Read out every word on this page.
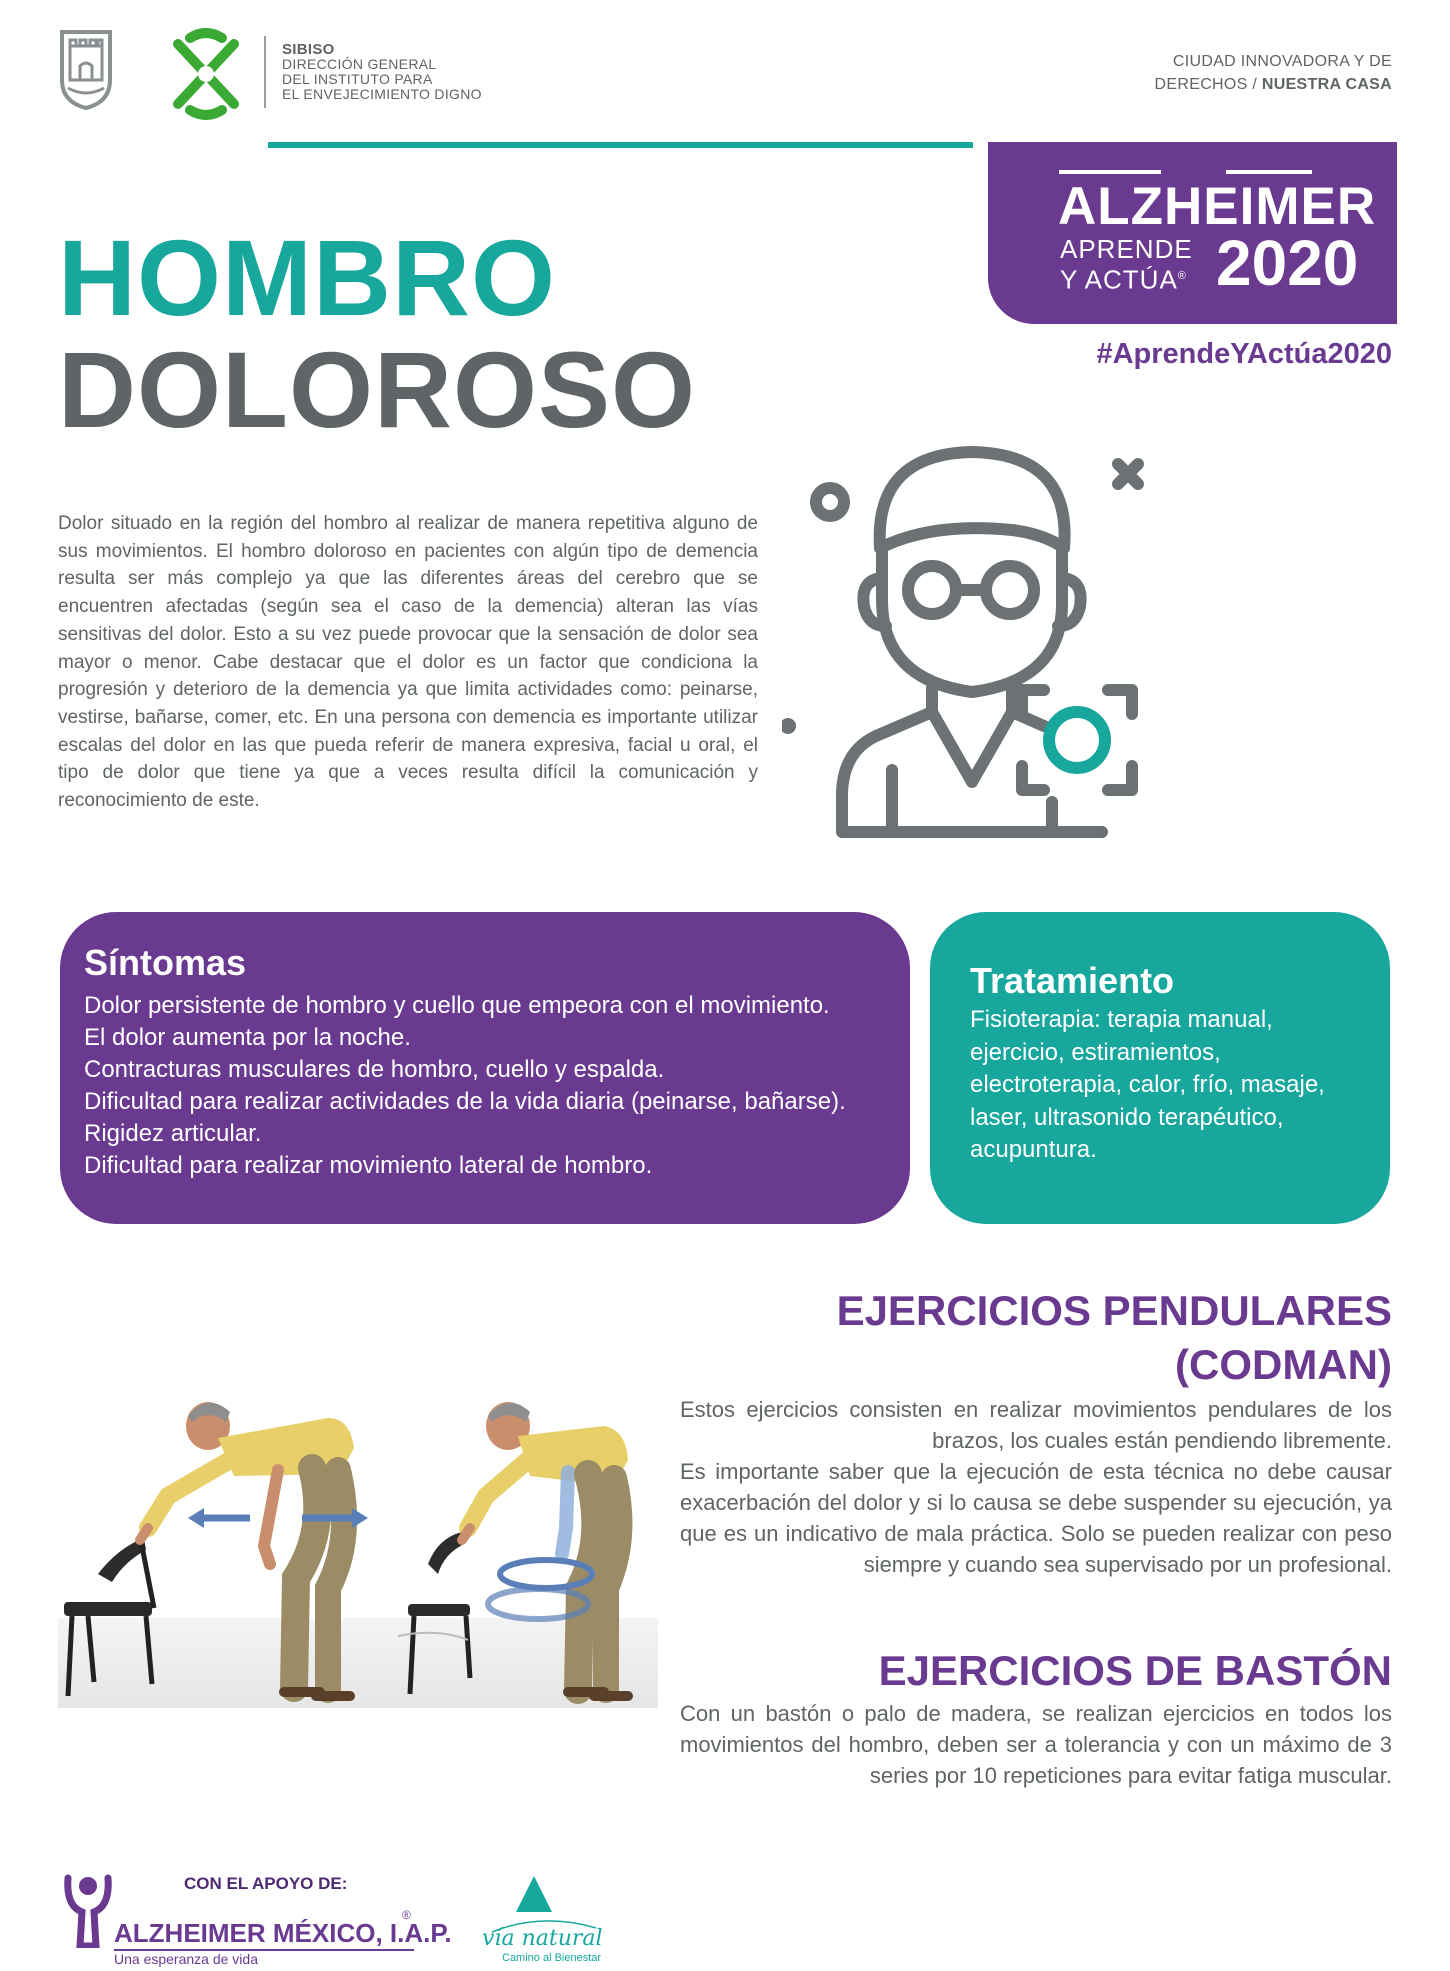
SIBISO
DIRECCIÓN GENERAL
DEL INSTITUTO PARA
EL ENVEJECIMIENTO DIGNO
CIUDAD INNOVADORA Y DE
DERECHOS / NUESTRA CASA
ALZHEIMER
APRENDE
Y ACTÚA® 2020
#AprendeYActúa2020
HOMBRO
DOLOROSO
Dolor situado en la región del hombro al realizar de manera repetitiva alguno de sus movimientos. El hombro doloroso en pacientes con algún tipo de demencia resulta ser más complejo ya que las diferentes áreas del cerebro que se encuentren afectadas (según sea el caso de la demencia) alteran las vías sensitivas del dolor. Esto a su vez puede provocar que la sensación de dolor sea mayor o menor. Cabe destacar que el dolor es un factor que condiciona la progresión y deterioro de la demencia ya que limita actividades como: peinarse, vestirse, bañarse, comer, etc. En una persona con demencia es importante utilizar escalas del dolor en las que pueda referir de manera expresiva, facial u oral, el tipo de dolor que tiene ya que a veces resulta difícil la comunicación y reconocimiento de este.
Síntomas
Dolor persistente de hombro y cuello que empeora con el movimiento.
El dolor aumenta por la noche.
Contracturas musculares de hombro, cuello y espalda.
Dificultad para realizar actividades de la vida diaria (peinarse, bañarse).
Rigidez articular.
Dificultad para realizar movimiento lateral de hombro.
Tratamiento
Fisioterapia: terapia manual, ejercicio, estiramientos, electroterapia, calor, frío, masaje, laser, ultrasonido terapéutico, acupuntura.
EJERCICIOS PENDULARES
(CODMAN)
Estos ejercicios consisten en realizar movimientos pendulares de los brazos, los cuales están pendiendo libremente.
Es importante saber que la ejecución de esta técnica no debe causar exacerbación del dolor y si lo causa se debe suspender su ejecución, ya que es un indicativo de mala práctica. Solo se pueden realizar con peso siempre y cuando sea supervisado por un profesional.
EJERCICIOS DE BASTÓN
Con un bastón o palo de madera, se realizan ejercicios en todos los movimientos del hombro, deben ser a tolerancia y con un máximo de 3 series por 10 repeticiones para evitar fatiga muscular.
CON EL APOYO DE:
ALZHEIMER MÉXICO, I.A.P.
®
Una esperanza de vida
vía natural
Camino al Bienestar
